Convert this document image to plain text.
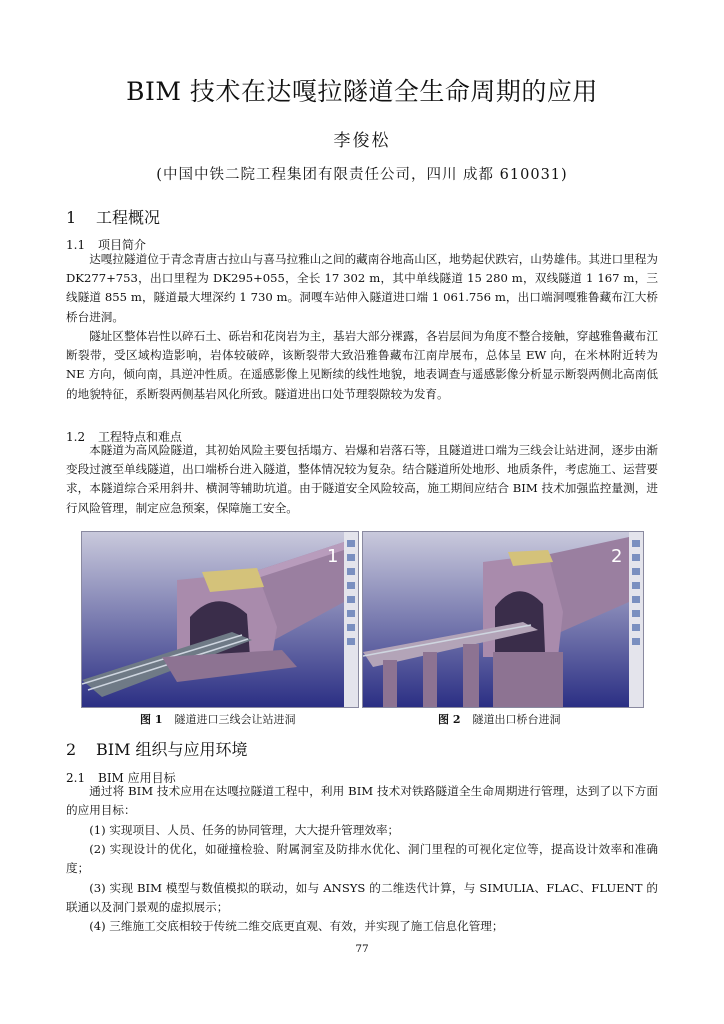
BIM 技术在达嘎拉隧道全生命周期的应用
李俊松
(中国中铁二院工程集团有限责任公司，四川 成都 610031)
1 工程概况
1.1 项目简介

达嘎拉隧道位于青念青唐古拉山与喜马拉雅山之间的藏南谷地高山区，地势起伏跌宕，山势雄伟。其进口里程为 DK277+753，出口里程为 DK295+055，全长 17 302 m，其中单线隧道 15 280 m，双线隧道 1 167 m，三线隧道 855 m，隧道最大埋深约 1 730 m。洞嘎车站伸入隧道进口端 1 061.756 m，出口端洞嘎雅鲁藏布江大桥桥台进洞。

隧址区整体岩性以碎石土、砾岩和花岗岩为主，基岩大部分裸露，各岩层间为角度不整合接触，穿越雅鲁藏布江断裂带，受区域构造影响，岩体较破碎，该断裂带大致沿雅鲁藏布江南岸展布，总体呈 EW 向，在米林附近转为 NE 方向，倾向南，具逆冲性质。在遥感影像上见断续的线性地貌，地表调查与遥感影像分析显示断裂两侧北高南低的地貌特征，系断裂两侧基岩风化所致。隧道进出口处节理裂隙较为发育。

1.2 工程特点和难点

本隧道为高风险隧道，其初始风险主要包括塌方、岩爆和岩落石等，且隧道进口端为三线会让站进洞，逐步由渐变段过渡至单线隧道，出口端桥台进入隧道，整体情况较为复杂。结合隧道所处地形、地质条件，考虑施工、运营要求，本隧道综合采用斜井、横洞等辅助坑道。由于隧道安全风险较高，施工期间应结合 BIM 技术加强监控量测，进行风险管理，制定应急预案，保障施工安全。

1	2
图 1 隧道进口三线会让站进洞	图 2 隧道出口桥台进洞
2 BIM 组织与应用环境
2.1 BIM 应用目标

通过将 BIM 技术应用在达嘎拉隧道工程中，利用 BIM 技术对铁路隧道全生命周期进行管理，达到了以下方面的应用目标：

(1) 实现项目、人员、任务的协同管理，大大提升管理效率；

(2) 实现设计的优化，如碰撞检验、附属洞室及防排水优化、洞门里程的可视化定位等，提高设计效率和准确度；

(3) 实现 BIM 模型与数值模拟的联动，如与 ANSYS 的二维迭代计算，与 SIMULIA、FLAC、FLUENT 的联通以及洞门景观的虚拟展示；

(4) 三维施工交底相较于传统二维交底更直观、有效，并实现了施工信息化管理；

77
